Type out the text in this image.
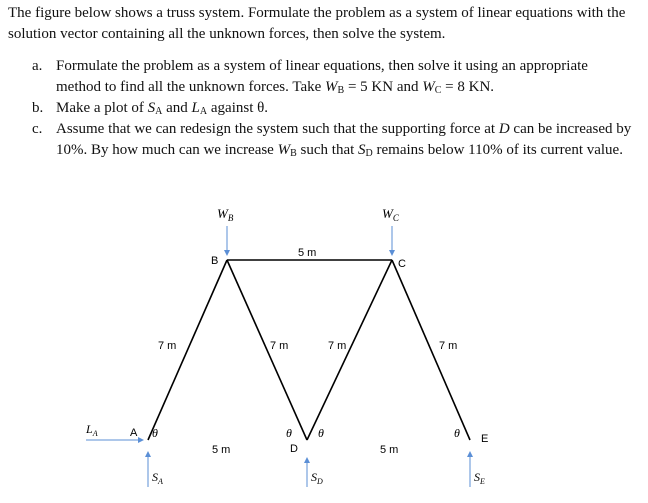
The figure below shows a truss system. Formulate the problem as a system of linear equations with the solution vector containing all the unknown forces, then solve the system.

a. Formulate the problem as a system of linear equations, then solve it using an appropriate method to find all the unknown forces. Take $W_B = 5$ KN and $W_C = 8$ KN.
b. Make a plot of $S_A$ and $L_A$ against θ.
c. Assume that we can redesign the system such that the supporting force at D can be increased by 10%. By how much can we increase $W_B$ such that $S_D$ remains below 110% of its current value.
$W_B$	$W_C$
A
B	C
D
E
5 m
5 m	5 m
7 m	7 m	7 m	7 m
θ	θ θ	θ
$L_A$
$S_A$	$S_D$	$S_E$
